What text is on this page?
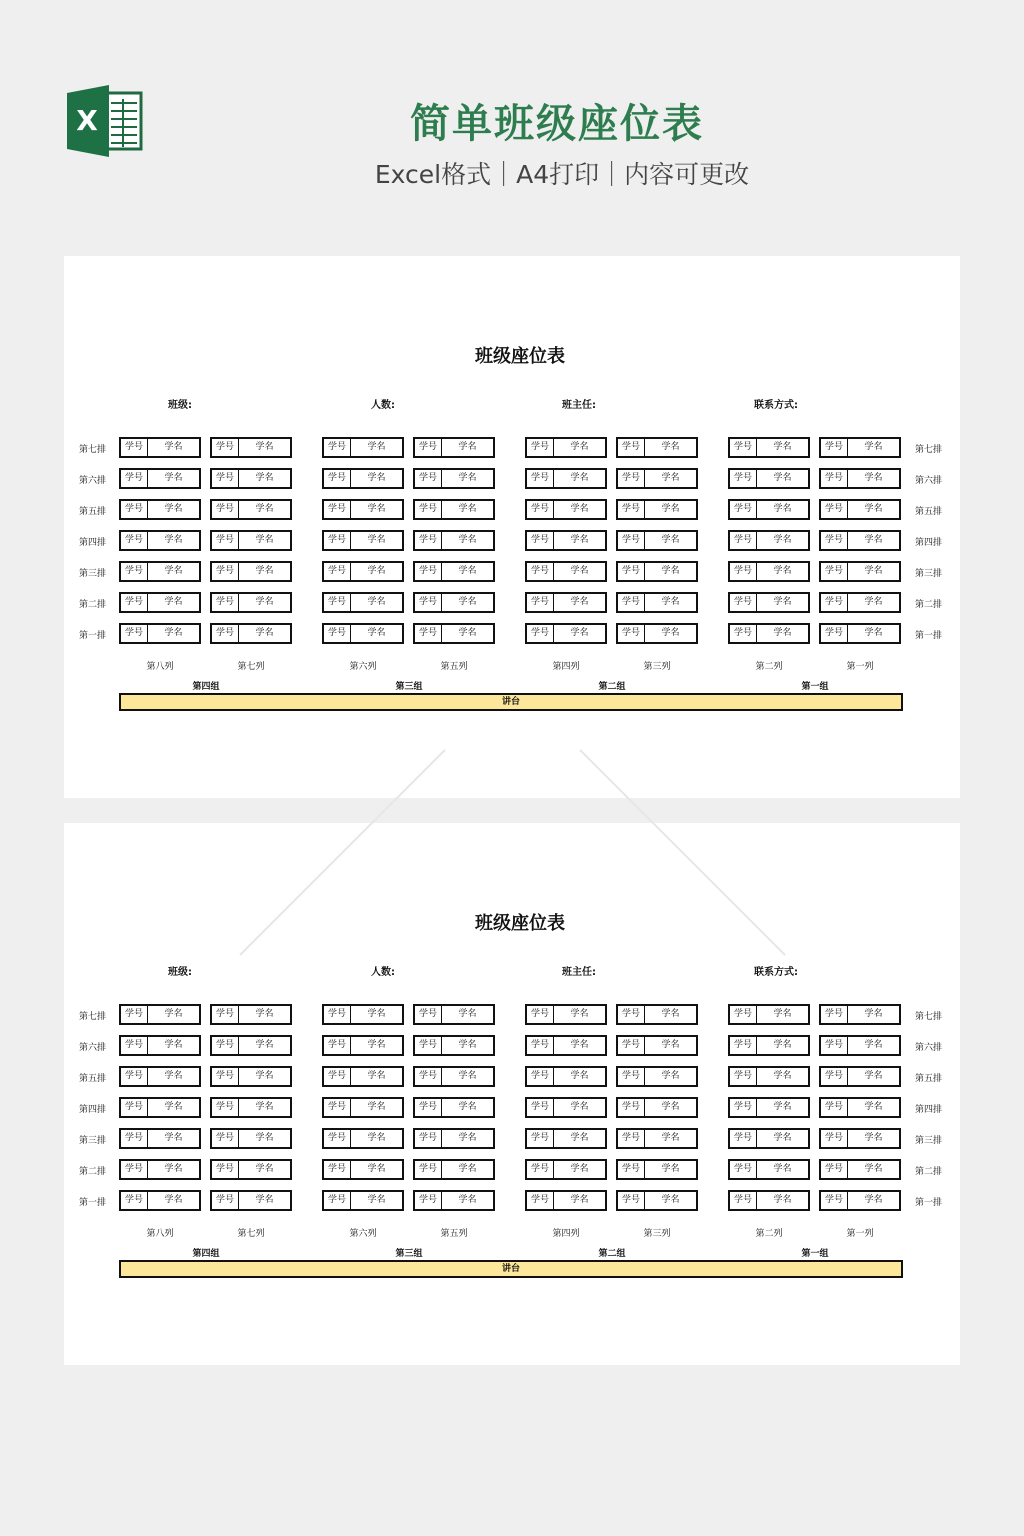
X	简单班级座位表
Excel格式｜A4打印｜内容可更改
班级座位表
班级:	人数:	班主任:	联系方式:
第七排	第七排
学号	学名	学号	学名	学号	学名	学号	学名	学号	学名	学号	学名	学号	学名	学号	学名
第六排	第六排
学号	学名	学号	学名	学号	学名	学号	学名	学号	学名	学号	学名	学号	学名	学号	学名
第五排	第五排
学号	学名	学号	学名	学号	学名	学号	学名	学号	学名	学号	学名	学号	学名	学号	学名
第四排	第四排
学号	学名	学号	学名	学号	学名	学号	学名	学号	学名	学号	学名	学号	学名	学号	学名
第三排	第三排
学号	学名	学号	学名	学号	学名	学号	学名	学号	学名	学号	学名	学号	学名	学号	学名
第二排	第二排
学号	学名	学号	学名	学号	学名	学号	学名	学号	学名	学号	学名	学号	学名	学号	学名
第一排	第一排
学号	学名	学号	学名	学号	学名	学号	学名	学号	学名	学号	学名	学号	学名	学号	学名
第八列	第七列	第六列	第五列	第四列	第三列	第二列	第一列
第四组	第三组	第二组	第一组
讲台
班级座位表
班级:	人数:	班主任:	联系方式:
第七排	第七排
学号	学名	学号	学名	学号	学名	学号	学名	学号	学名	学号	学名	学号	学名	学号	学名
第六排	第六排
学号	学名	学号	学名	学号	学名	学号	学名	学号	学名	学号	学名	学号	学名	学号	学名
第五排	第五排
学号	学名	学号	学名	学号	学名	学号	学名	学号	学名	学号	学名	学号	学名	学号	学名
第四排	第四排
学号	学名	学号	学名	学号	学名	学号	学名	学号	学名	学号	学名	学号	学名	学号	学名
第三排	第三排
学号	学名	学号	学名	学号	学名	学号	学名	学号	学名	学号	学名	学号	学名	学号	学名
第二排	第二排
学号	学名	学号	学名	学号	学名	学号	学名	学号	学名	学号	学名	学号	学名	学号	学名
第一排	第一排
学号	学名	学号	学名	学号	学名	学号	学名	学号	学名	学号	学名	学号	学名	学号	学名
第八列	第七列	第六列	第五列	第四列	第三列	第二列	第一列
第四组	第三组	第二组	第一组
讲台
